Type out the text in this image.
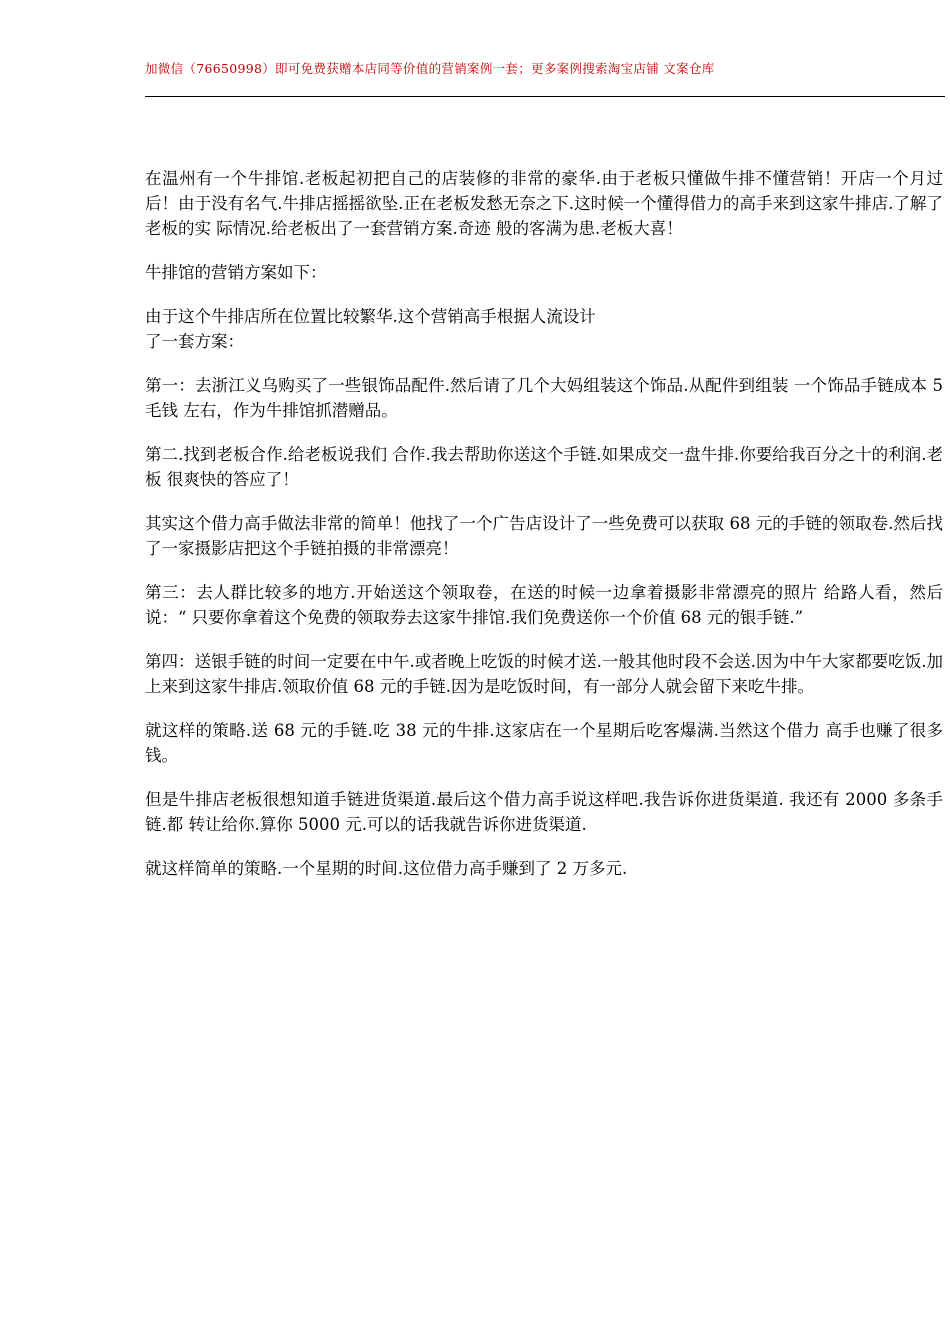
加微信（76650998）即可免费获赠本店同等价值的营销案例一套；更多案例搜索淘宝店铺 文案仓库

在温州有一个牛排馆.老板起初把自己的店装修的非常的豪华.由于老板只懂做牛排不懂营销！开店一个月过后！由于没有名气.牛排店摇摇欲坠.正在老板发愁无奈之下.这时候一个懂得借力的高手来到这家牛排店.了解了老板的实 际情况.给老板出了一套营销方案.奇迹 般的客满为患.老板大喜！

牛排馆的营销方案如下：

由于这个牛排店所在位置比较繁华.这个营销高手根据人流设计

了一套方案：

第一：去浙江义乌购买了一些银饰品配件.然后请了几个大妈组装这个饰品.从配件到组装 一个饰品手链成本 5 毛钱 左右，作为牛排馆抓潜赠品。

第二.找到老板合作.给老板说我们 合作.我去帮助你送这个手链.如果成交一盘牛排.你要给我百分之十的利润.老板 很爽快的答应了！

其实这个借力高手做法非常的简单！他找了一个广告店设计了一些免费可以获取 68 元的手链的领取卷.然后找了一家摄影店把这个手链拍摄的非常漂亮！

第三：去人群比较多的地方.开始送这个领取卷，在送的时候一边拿着摄影非常漂亮的照片 给路人看，然后说：“ 只要你拿着这个免费的领取券去这家牛排馆.我们免费送你一个价值 68 元的银手链.”

第四：送银手链的时间一定要在中午.或者晚上吃饭的时候才送.一般其他时段不会送.因为中午大家都要吃饭.加上来到这家牛排店.领取价值 68 元的手链.因为是吃饭时间，有一部分人就会留下来吃牛排。

就这样的策略.送 68 元的手链.吃 38 元的牛排.这家店在一个星期后吃客爆满.当然这个借力 高手也赚了很多钱。

但是牛排店老板很想知道手链进货渠道.最后这个借力高手说这样吧.我告诉你进货渠道. 我还有 2000 多条手链.都 转让给你.算你 5000 元.可以的话我就告诉你进货渠道.

就这样简单的策略.一个星期的时间.这位借力高手赚到了 2 万多元.
